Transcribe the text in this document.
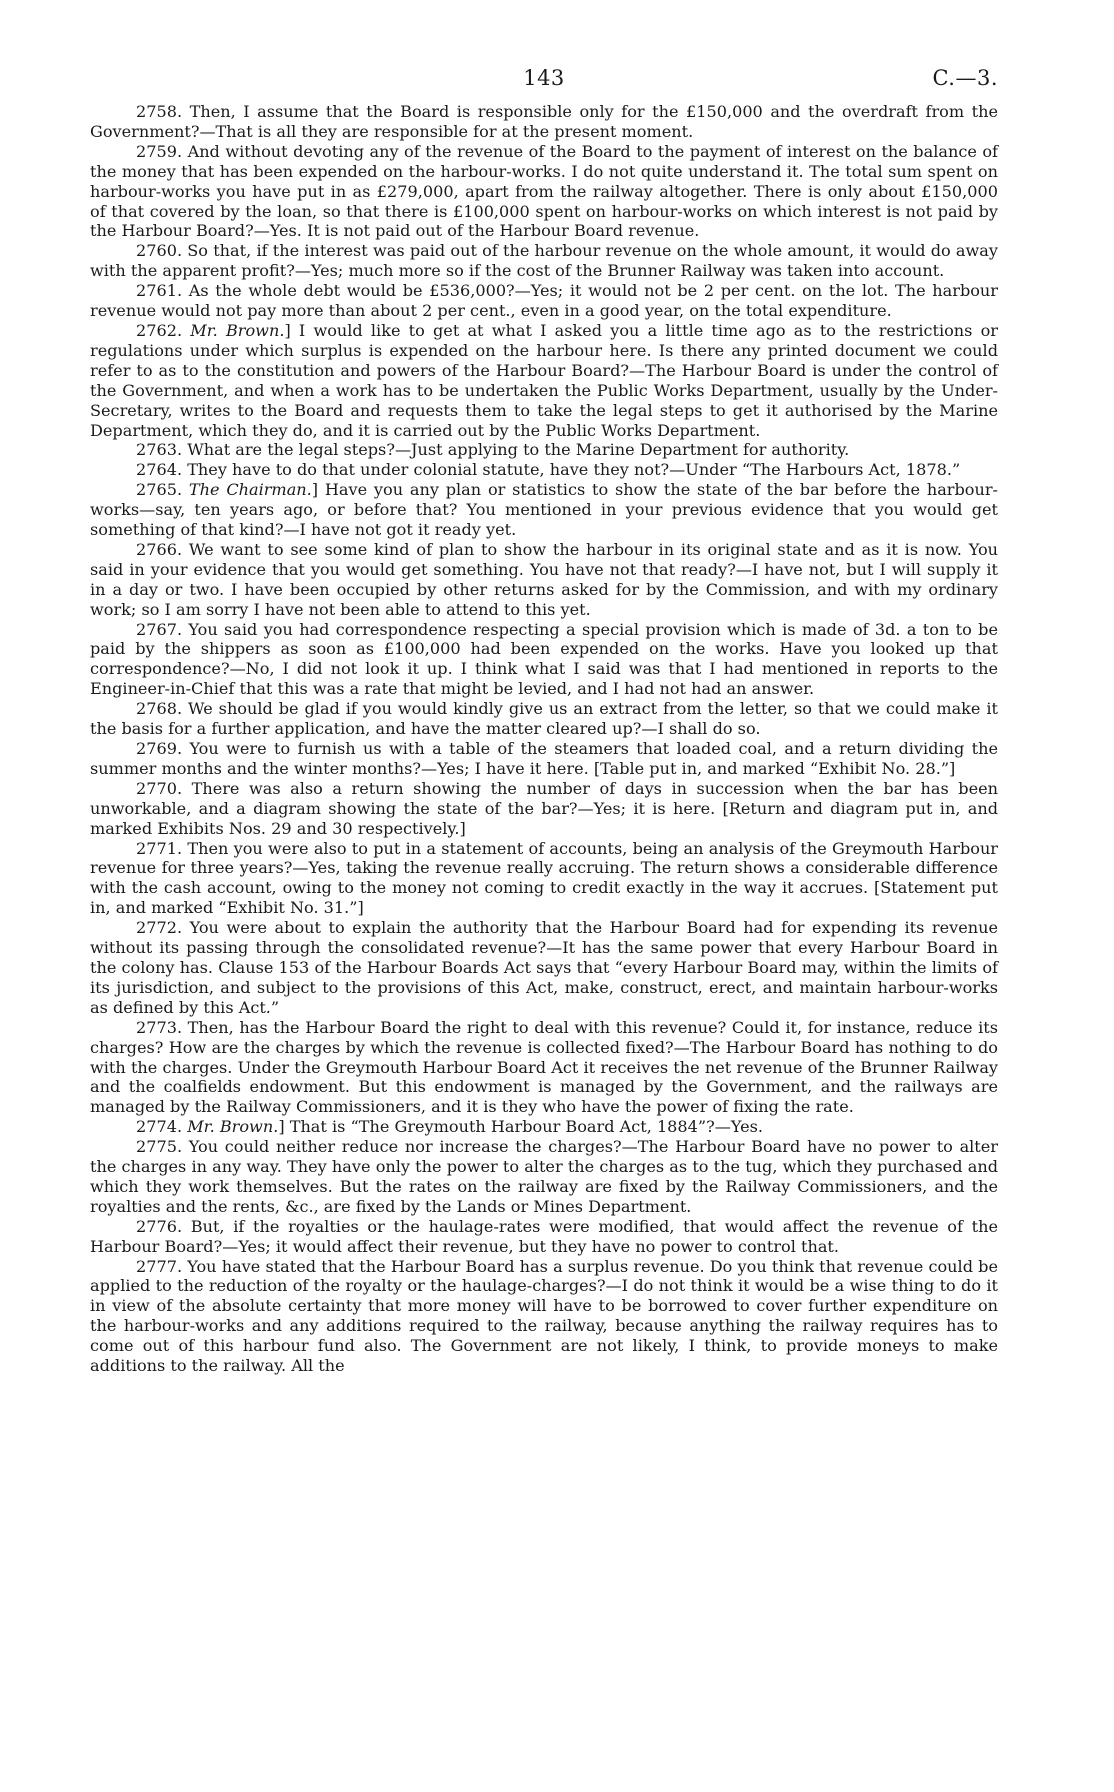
143	C.—3.

2758. Then, I assume that the Board is responsible only for the £150,000 and the overdraft from the Government?—That is all they are responsible for at the present moment.

2759. And without devoting any of the revenue of the Board to the payment of interest on the balance of the money that has been expended on the harbour-works. I do not quite understand it. The total sum spent on harbour-works you have put in as £279,000, apart from the railway altogether. There is only about £150,000 of that covered by the loan, so that there is £100,000 spent on harbour-works on which interest is not paid by the Harbour Board?—Yes. It is not paid out of the Harbour Board revenue.

2760. So that, if the interest was paid out of the harbour revenue on the whole amount, it would do away with the apparent profit?—Yes; much more so if the cost of the Brunner Railway was taken into account.

2761. As the whole debt would be £536,000?—Yes; it would not be 2 per cent. on the lot. The harbour revenue would not pay more than about 2 per cent., even in a good year, on the total expenditure.

2762. Mr. Brown.] I would like to get at what I asked you a little time ago as to the restrictions or regulations under which surplus is expended on the harbour here. Is there any printed document we could refer to as to the constitution and powers of the Harbour Board?—The Harbour Board is under the control of the Government, and when a work has to be undertaken the Public Works Department, usually by the Under-Secretary, writes to the Board and requests them to take the legal steps to get it authorised by the Marine Department, which they do, and it is carried out by the Public Works Department.

2763. What are the legal steps?—Just applying to the Marine Department for authority.

2764. They have to do that under colonial statute, have they not?—Under “The Harbours Act, 1878.”

2765. The Chairman.] Have you any plan or statistics to show the state of the bar before the harbour-works—say, ten years ago, or before that? You mentioned in your previous evidence that you would get something of that kind?—I have not got it ready yet.

2766. We want to see some kind of plan to show the harbour in its original state and as it is now. You said in your evidence that you would get something. You have not that ready?—I have not, but I will supply it in a day or two. I have been occupied by other returns asked for by the Commission, and with my ordinary work; so I am sorry I have not been able to attend to this yet.

2767. You said you had correspondence respecting a special provision which is made of 3d. a ton to be paid by the shippers as soon as £100,000 had been expended on the works. Have you looked up that correspondence?—No, I did not look it up. I think what I said was that I had mentioned in reports to the Engineer-in-Chief that this was a rate that might be levied, and I had not had an answer.

2768. We should be glad if you would kindly give us an extract from the letter, so that we could make it the basis for a further application, and have the matter cleared up?—I shall do so.

2769. You were to furnish us with a table of the steamers that loaded coal, and a return dividing the summer months and the winter months?—Yes; I have it here. [Table put in, and marked “Exhibit No. 28.”]

2770. There was also a return showing the number of days in succession when the bar has been unworkable, and a diagram showing the state of the bar?—Yes; it is here. [Return and diagram put in, and marked Exhibits Nos. 29 and 30 respectively.]

2771. Then you were also to put in a statement of accounts, being an analysis of the Greymouth Harbour revenue for three years?—Yes, taking the revenue really accruing. The return shows a considerable difference with the cash account, owing to the money not coming to credit exactly in the way it accrues. [Statement put in, and marked “Exhibit No. 31.”]

2772. You were about to explain the authority that the Harbour Board had for expending its revenue without its passing through the consolidated revenue?—It has the same power that every Harbour Board in the colony has. Clause 153 of the Harbour Boards Act says that “every Harbour Board may, within the limits of its jurisdiction, and subject to the provisions of this Act, make, construct, erect, and maintain harbour-works as defined by this Act.”

2773. Then, has the Harbour Board the right to deal with this revenue? Could it, for instance, reduce its charges? How are the charges by which the revenue is collected fixed?—The Harbour Board has nothing to do with the charges. Under the Greymouth Harbour Board Act it receives the net revenue of the Brunner Railway and the coalfields endowment. But this endowment is managed by the Government, and the railways are managed by the Railway Commissioners, and it is they who have the power of fixing the rate.

2774. Mr. Brown.] That is “The Greymouth Harbour Board Act, 1884”?—Yes.

2775. You could neither reduce nor increase the charges?—The Harbour Board have no power to alter the charges in any way. They have only the power to alter the charges as to the tug, which they purchased and which they work themselves. But the rates on the railway are fixed by the Railway Commissioners, and the royalties and the rents, &c., are fixed by the Lands or Mines Department.

2776. But, if the royalties or the haulage-rates were modified, that would affect the revenue of the Harbour Board?—Yes; it would affect their revenue, but they have no power to control that.

2777. You have stated that the Harbour Board has a surplus revenue. Do you think that revenue could be applied to the reduction of the royalty or the haulage-charges?—I do not think it would be a wise thing to do it in view of the absolute certainty that more money will have to be borrowed to cover further expenditure on the harbour-works and any additions required to the railway, because anything the railway requires has to come out of this harbour fund also. The Government are not likely, I think, to provide moneys to make additions to the railway. All the
